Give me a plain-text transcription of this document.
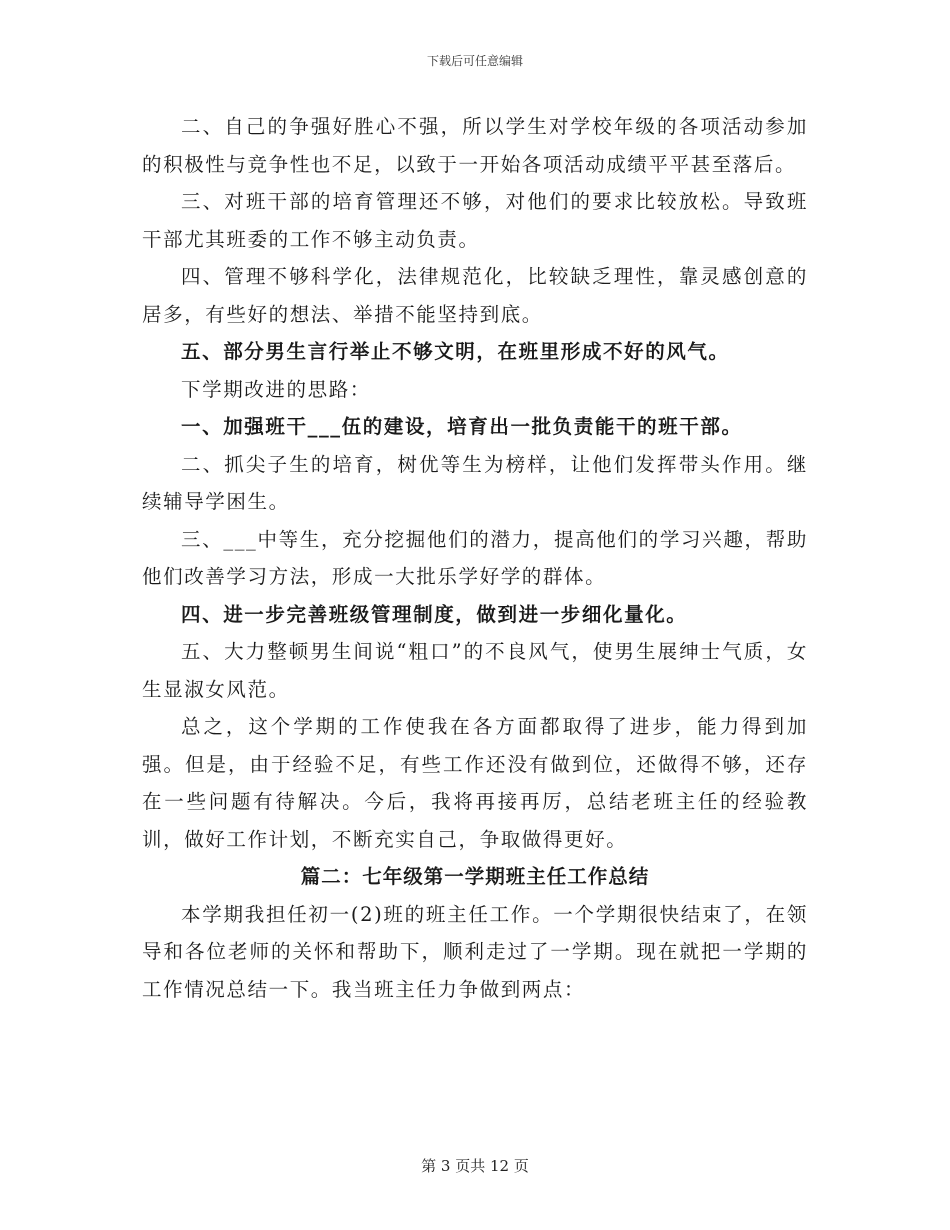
下载后可任意编辑

二、自己的争强好胜心不强，所以学生对学校年级的各项活动参加的积极性与竞争性也不足，以致于一开始各项活动成绩平平甚至落后。

三、对班干部的培育管理还不够，对他们的要求比较放松。导致班干部尤其班委的工作不够主动负责。

四、管理不够科学化，法律规范化，比较缺乏理性，靠灵感创意的居多，有些好的想法、举措不能坚持到底。

五、部分男生言行举止不够文明，在班里形成不好的风气。

下学期改进的思路：

一、加强班干___伍的建设，培育出一批负责能干的班干部。

二、抓尖子生的培育，树优等生为榜样，让他们发挥带头作用。继续辅导学困生。

三、___中等生，充分挖掘他们的潜力，提高他们的学习兴趣，帮助他们改善学习方法，形成一大批乐学好学的群体。

四、进一步完善班级管理制度，做到进一步细化量化。

五、大力整顿男生间说“粗口”的不良风气，使男生展绅士气质，女生显淑女风范。

总之，这个学期的工作使我在各方面都取得了进步，能力得到加强。但是，由于经验不足，有些工作还没有做到位，还做得不够，还存在一些问题有待解决。今后，我将再接再厉，总结老班主任的经验教训，做好工作计划，不断充实自己，争取做得更好。

篇二：七年级第一学期班主任工作总结

本学期我担任初一(2)班的班主任工作。一个学期很快结束了，在领导和各位老师的关怀和帮助下，顺利走过了一学期。现在就把一学期的工作情况总结一下。我当班主任力争做到两点：

第 3 页共 12 页
